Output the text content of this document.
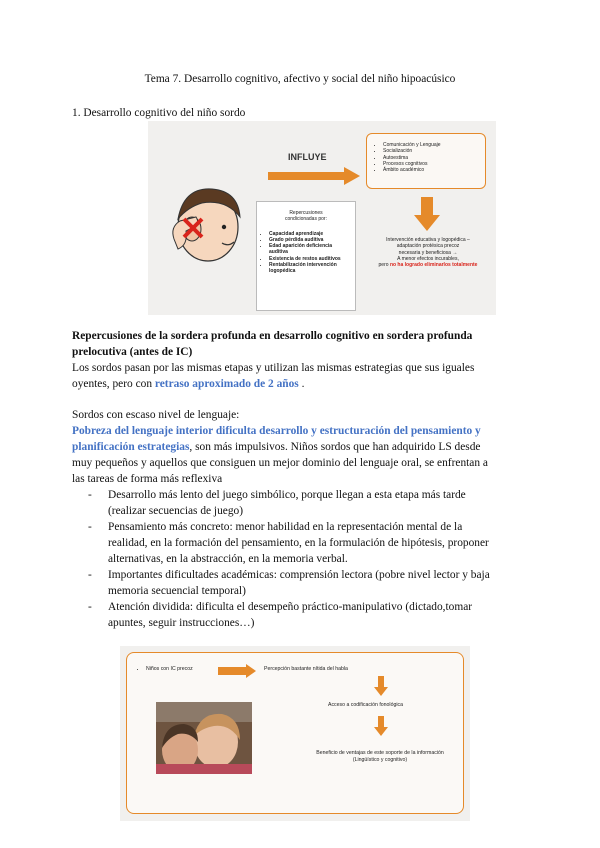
Tema 7. Desarrollo cognitivo, afectivo y social del niño hipoacúsico
1. Desarrollo cognitivo del niño sordo
INFLUYE
• Comunicación y Lenguaje
• Socialización
• Autoestima
• Procesos cognitivos
• Ámbito académico
Repercusiones
condicionadas por:
• Capacidad aprendizaje
• Grado pérdida auditiva
• Edad aparición deficiencia auditiva
• Existencia de restos auditivos
• Rentabilización intervención logopédica
Intervención educativa y logopédica –
adaptación protésica precoz
necesaria y beneficiosa →
A menor efectos incurables,
pero no ha logrado eliminarlos totalmente
Repercusiones de la sordera profunda en desarrollo cognitivo en sordera profunda prelocutiva (antes de IC)
Los sordos pasan por las mismas etapas y utilizan las mismas estrategias que sus iguales
oyentes, pero con retraso aproximado de 2 años .
Sordos con escaso nivel de lenguaje:
Pobreza del lenguaje interior dificulta desarrollo y estructuración del pensamiento y
planificación estrategias, son más impulsivos. Niños sordos que han adquirido LS desde
muy pequeños y aquellos que consiguen un mejor dominio del lenguaje oral, se enfrentan a
las tareas de forma más reflexiva
- Desarrollo más lento del juego simbólico, porque llegan a esta etapa más tarde
(realizar secuencias de juego)
- Pensamiento más concreto: menor habilidad en la representación mental de la
realidad, en la formación del pensamiento, en la formulación de hipótesis, proponer
alternativas, en la abstracción, en la memoria verbal.
- Importantes dificultades académicas: comprensión lectora (pobre nivel lector y baja
memoria secuencial temporal)
- Atención dividida: dificulta el desempeño práctico-manipulativo (dictado,tomar
apuntes, seguir instrucciones…)
• Niños con IC precoz	Percepción bastante nítida del habla
Acceso a codificación fonológica
Beneficio de ventajas de este soporte de la información
(Lingüístico y cognitivo)
